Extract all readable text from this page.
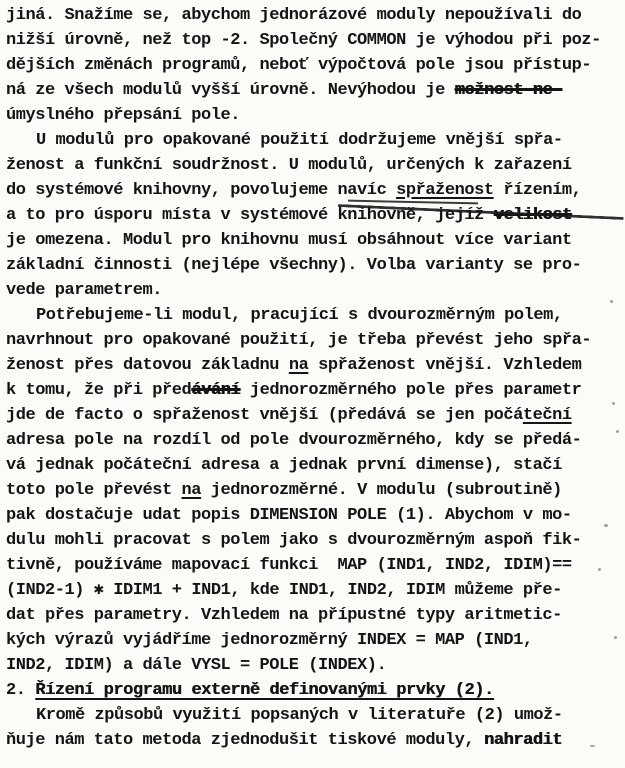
jiná. Snažíme se, abychom jednorázové moduly nepoužívali do
nižší úrovně, než top -2. Společný COMMON je výhodou při poz-
dějších změnách programů, neboť výpočtová pole jsou přístup-
ná ze všech modulů vyšší úrovně. Nevýhodou je možnost ne-
úmyslného přepsání pole.
U modulů pro opakované použití dodržujeme vnější spřa-
ženost a funkční soudržnost. U modulů, určených k zařazení
do systémové knihovny, povolujeme navíc spřaženost řízením,
a to pro úsporu místa v systémové knihovně, jejíž velikost
je omezena. Modul pro knihovnu musí obsáhnout více variant
základní činnosti (nejlépe všechny). Volba varianty se pro-
vede parametrem.
Potřebujeme-li modul, pracující s dvourozměrným polem,
navrhnout pro opakované použití, je třeba převést jeho spřa-
ženost přes datovou základnu na spřaženost vnější. Vzhledem
k tomu, že při předávání jednorozměrného pole přes parametr
jde de facto o spřaženost vnější (předává se jen počáteční
adresa pole na rozdíl od pole dvourozměrného, kdy se předá-
vá jednak počáteční adresa a jednak první dimense), stačí
toto pole převést na jednorozměrné. V modulu (subroutině)
pak dostačuje udat popis DIMENSION POLE (1). Abychom v mo-
dulu mohli pracovat s polem jako s dvourozměrným aspoň fik-
tivně, používáme mapovací funkci  MAP (IND1, IND2, IDIM)==
(IND2-1) ✱ IDIM1 + IND1, kde IND1, IND2, IDIM můžeme pře-
dat přes parametry. Vzhledem na přípustné typy aritmetic-
kých výrazů vyjádříme jednorozměrný INDEX = MAP (IND1,
IND2, IDIM) a dále VYSL = POLE (INDEX).
2. Řízení programu externě definovanými prvky (2).
Kromě způsobů využití popsaných v literatuře (2) umož-
ňuje nám tato metoda zjednodušit tiskové moduly, nahradit
